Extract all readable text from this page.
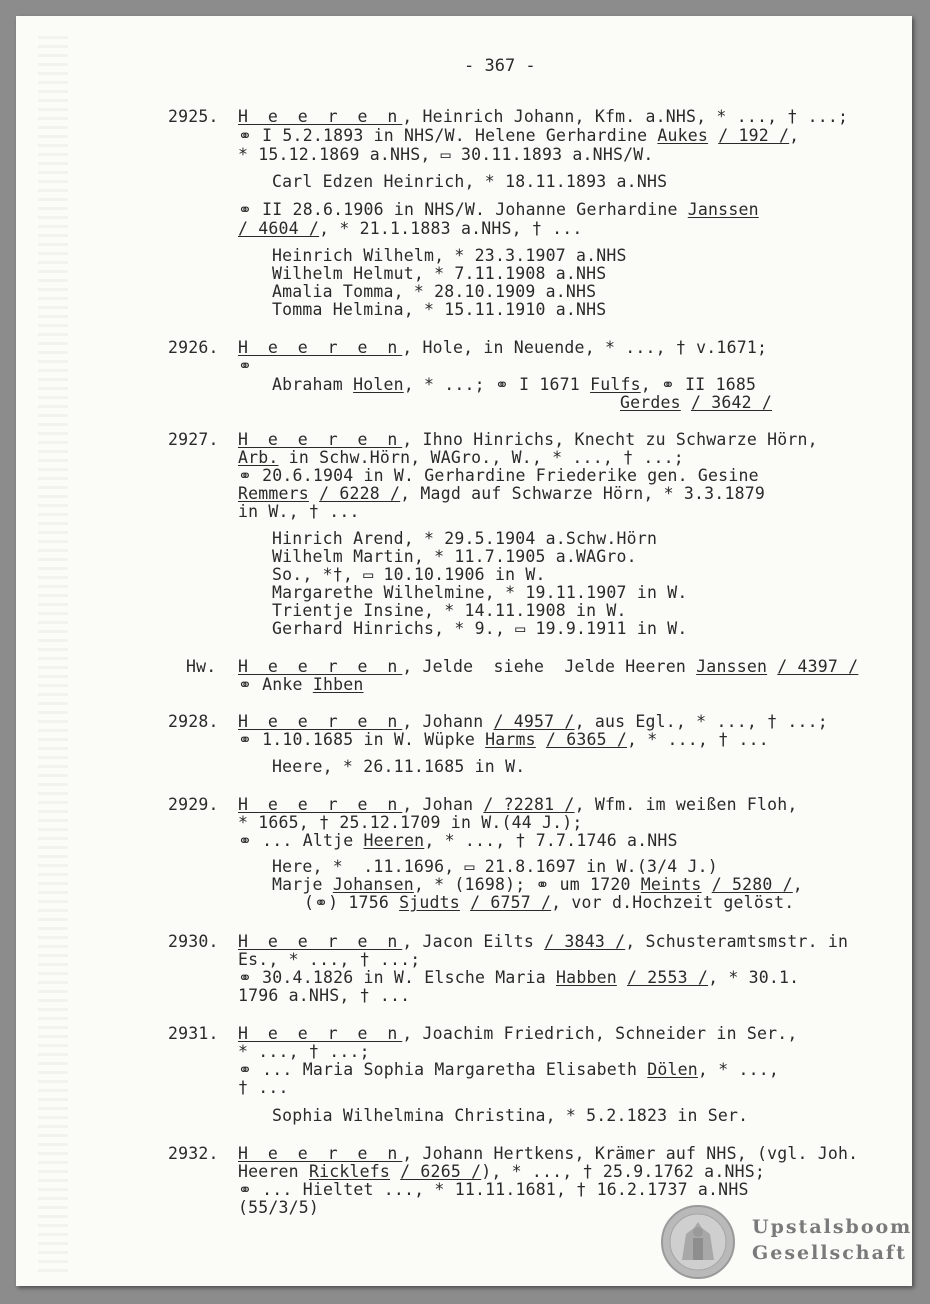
- 367 -
2925. H e e r e n, Heinrich Johann, Kfm. a.NHS, * ..., † ...;
⚭ I 5.2.1893 in NHS/W. Helene Gerhardine Aukes / 192 /,
* 15.12.1869 a.NHS, ▭ 30.11.1893 a.NHS/W.
Carl Edzen Heinrich, * 18.11.1893 a.NHS
⚭ II 28.6.1906 in NHS/W. Johanne Gerhardine Janssen
/ 4604 /, * 21.1.1883 a.NHS, † ...
Heinrich Wilhelm, * 23.3.1907 a.NHS
Wilhelm Helmut, * 7.11.1908 a.NHS
Amalia Tomma, * 28.10.1909 a.NHS
Tomma Helmina, * 15.11.1910 a.NHS
2926. H e e r e n, Hole, in Neuende, * ..., † v.1671;
⚭
Abraham Holen, * ...; ⚭ I 1671 Fulfs, ⚭ II 1685
Gerdes / 3642 /
2927. H e e r e n, Ihno Hinrichs, Knecht zu Schwarze Hörn,
Arb. in Schw.Hörn, WAGro., W., * ..., † ...;
⚭ 20.6.1904 in W. Gerhardine Friederike gen. Gesine
Remmers / 6228 /, Magd auf Schwarze Hörn, * 3.3.1879
in W., † ...
Hinrich Arend, * 29.5.1904 a.Schw.Hörn
Wilhelm Martin, * 11.7.1905 a.WAGro.
So., *†, ▭ 10.10.1906 in W.
Margarethe Wilhelmine, * 19.11.1907 in W.
Trientje Insine, * 14.11.1908 in W.
Gerhard Hinrichs, * 9., ▭ 19.9.1911 in W.
Hw. H e e r e n, Jelde  siehe  Jelde Heeren Janssen / 4397 /
⚭ Anke Ihben
2928. H e e r e n, Johann / 4957 /, aus Egl., * ..., † ...;
⚭ 1.10.1685 in W. Wüpke Harms / 6365 /, * ..., † ...
Heere, * 26.11.1685 in W.
2929. H e e r e n, Johan / ?2281 /, Wfm. im weißen Floh,
* 1665, † 25.12.1709 in W.(44 J.);
⚭ ... Altje Heeren, * ..., † 7.7.1746 a.NHS
Here, *  .11.1696, ▭ 21.8.1697 in W.(3/4 J.)
Marje Johansen, * (1698); ⚭ um 1720 Meints / 5280 /,
(⚭) 1756 Sjudts / 6757 /, vor d.Hochzeit gelöst.
2930. H e e r e n, Jacon Eilts / 3843 /, Schusteramtsmstr. in
Es., * ..., † ...;
⚭ 30.4.1826 in W. Elsche Maria Habben / 2553 /, * 30.1.
1796 a.NHS, † ...
2931. H e e r e n, Joachim Friedrich, Schneider in Ser.,
* ..., † ...;
⚭ ... Maria Sophia Margaretha Elisabeth Dölen, * ...,
† ...
Sophia Wilhelmina Christina, * 5.2.1823 in Ser.
2932. H e e r e n, Johann Hertkens, Krämer auf NHS, (vgl. Joh.
Heeren Ricklefs / 6265 /), * ..., † 25.9.1762 a.NHS;
⚭ ... Hieltet ..., * 11.11.1681, † 16.2.1737 a.NHS
(55/3/5)
Upstalsboom
Gesellschaft
